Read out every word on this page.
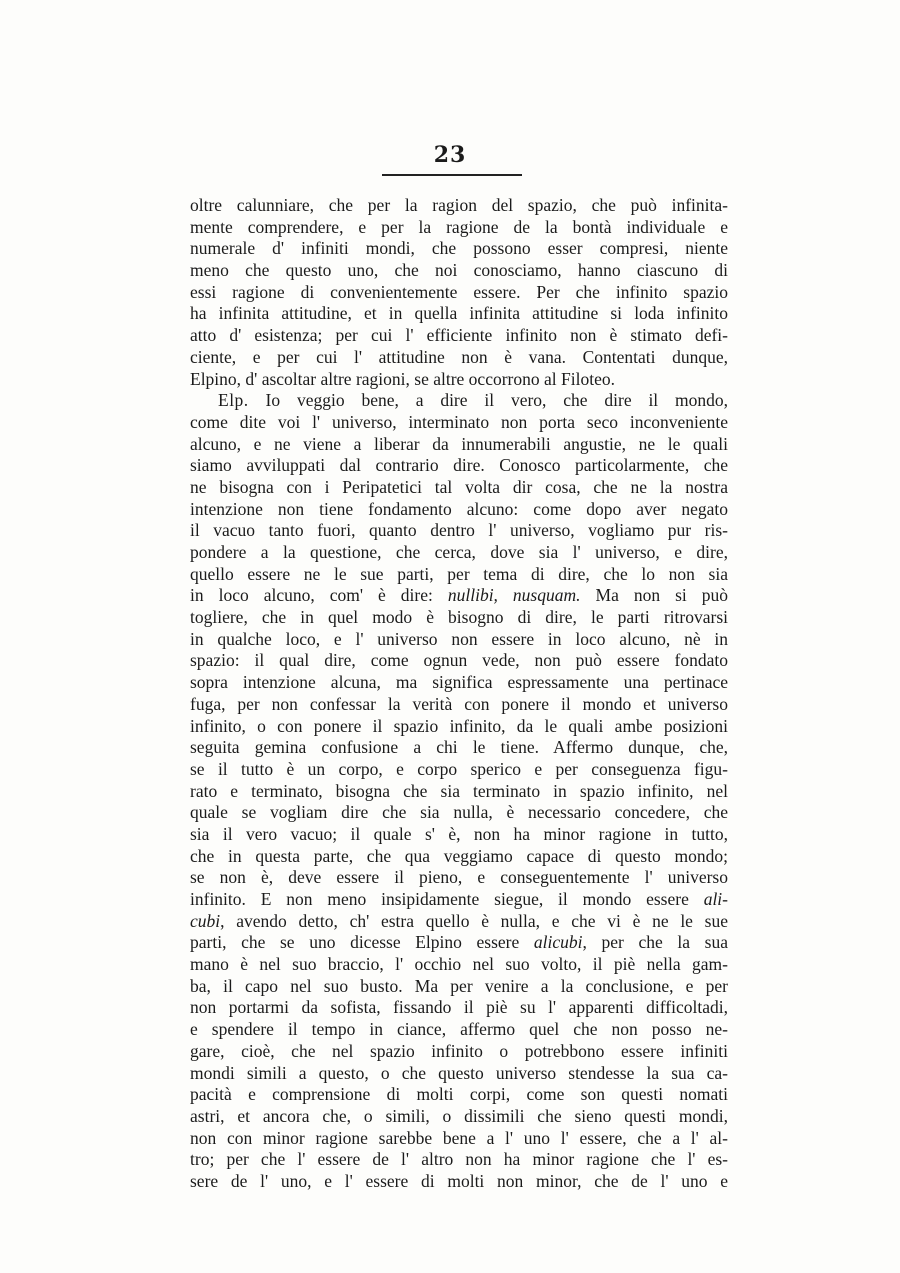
23
oltre calunniare, che per la ragion del spazio, che può infinita-
mente comprendere, e per la ragione de la bontà individuale e
numerale d' infiniti mondi, che possono esser compresi, niente
meno che questo uno, che noi conosciamo, hanno ciascuno di
essi ragione di convenientemente essere. Per che infinito spazio
ha infinita attitudine, et in quella infinita attitudine si loda infinito
atto d' esistenza; per cui l' efficiente infinito non è stimato defi-
ciente, e per cui l' attitudine non è vana. Contentati dunque,
Elpino, d' ascoltar altre ragioni, se altre occorrono al Filoteo.
Elp. Io veggio bene, a dire il vero, che dire il mondo,
come dite voi l' universo, interminato non porta seco inconveniente
alcuno, e ne viene a liberar da innumerabili angustie, ne le quali
siamo avviluppati dal contrario dire. Conosco particolarmente, che
ne bisogna con i Peripatetici tal volta dir cosa, che ne la nostra
intenzione non tiene fondamento alcuno: come dopo aver negato
il vacuo tanto fuori, quanto dentro l' universo, vogliamo pur ris-
pondere a la questione, che cerca, dove sia l' universo, e dire,
quello essere ne le sue parti, per tema di dire, che lo non sia
in loco alcuno, com' è dire: nullibi, nusquam. Ma non si può
togliere, che in quel modo è bisogno di dire, le parti ritrovarsi
in qualche loco, e l' universo non essere in loco alcuno, nè in
spazio: il qual dire, come ognun vede, non può essere fondato
sopra intenzione alcuna, ma significa espressamente una pertinace
fuga, per non confessar la verità con ponere il mondo et universo
infinito, o con ponere il spazio infinito, da le quali ambe posizioni
seguita gemina confusione a chi le tiene. Affermo dunque, che,
se il tutto è un corpo, e corpo sperico e per conseguenza figu-
rato e terminato, bisogna che sia terminato in spazio infinito, nel
quale se vogliam dire che sia nulla, è necessario concedere, che
sia il vero vacuo; il quale s' è, non ha minor ragione in tutto,
che in questa parte, che qua veggiamo capace di questo mondo;
se non è, deve essere il pieno, e conseguentemente l' universo
infinito. E non meno insipidamente siegue, il mondo essere ali-
cubi, avendo detto, ch' estra quello è nulla, e che vi è ne le sue
parti, che se uno dicesse Elpino essere alicubi, per che la sua
mano è nel suo braccio, l' occhio nel suo volto, il piè nella gam-
ba, il capo nel suo busto. Ma per venire a la conclusione, e per
non portarmi da sofista, fissando il piè su l' apparenti difficoltadi,
e spendere il tempo in ciance, affermo quel che non posso ne-
gare, cioè, che nel spazio infinito o potrebbono essere infiniti
mondi simili a questo, o che questo universo stendesse la sua ca-
pacità e comprensione di molti corpi, come son questi nomati
astri, et ancora che, o simili, o dissimili che sieno questi mondi,
non con minor ragione sarebbe bene a l' uno l' essere, che a l' al-
tro; per che l' essere de l' altro non ha minor ragione che l' es-
sere de l' uno, e l' essere di molti non minor, che de l' uno e
